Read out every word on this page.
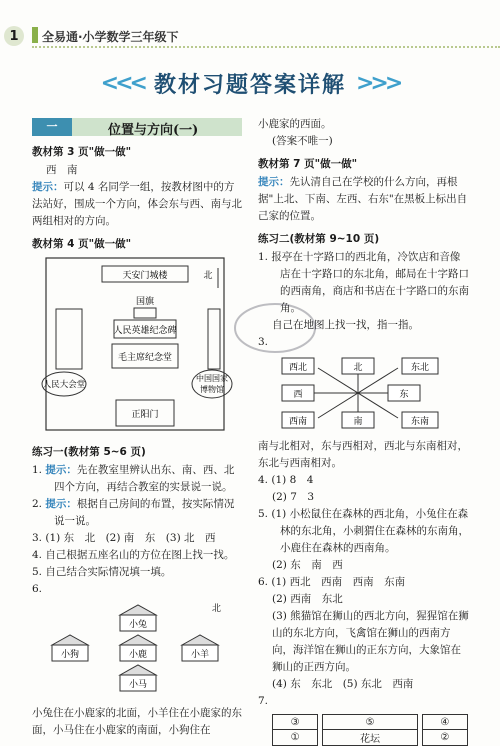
1	全易通·小学数学三年级下
<<< 教材习题答案详解 >>>
一	位置与方向(一)
教材第 3 页"做一做"
西　南
提示：可以 4 名同学一组，按教材图中的方法站好，围成一个方向，体会东与西、南与北两组相对的方向。
教材第 4 页"做一做"
天安门城楼	北
国旗
人民英雄纪念碑
毛主席纪念堂
人民大会堂
中国国家
博物馆
正阳门
练习一(教材第 5~6 页)
1. 提示：先在教室里辨认出东、南、西、北四个方向，再结合教室的实景说一说。
2. 提示：根据自己房间的布置，按实际情况说一说。
3. (1) 东　北　(2) 南　东　(3) 北　西
4. 自己根据五座名山的方位在图上找一找。
5. 自己结合实际情况填一填。
6.
北
小兔
小狗	小鹿	小羊
小马
小兔住在小鹿家的北面，小羊住在小鹿家的东面，小马住在小鹿家的南面，小狗住在
小鹿家的西面。
(答案不唯一)
教材第 7 页"做一做"
提示：先认清自己在学校的什么方向，再根据"上北、下南、左西、右东"在黑板上标出自己家的位置。
练习二(教材第 9~10 页)
1. 报亭在十字路口的西北角，冷饮店和音像店在十字路口的东北角，邮局在十字路口的西南角，商店和书店在十字路口的东南角。
自己在地图上找一找，指一指。
3.
西北	北	东北
西	东
西南	南	东南
南与北相对，东与西相对，西北与东南相对，东北与西南相对。
4. (1) 8　4
(2) 7　3
5. (1) 小松鼠住在森林的西北角，小兔住在森林的东北角，小刺猬住在森林的东南角，小鹿住在森林的西南角。
(2) 东　南　西
6. (1) 西北　西南　西南　东南
(2) 西南　东北
(3) 熊猫馆在狮山的西北方向，猩猩馆在狮山的东北方向，飞禽馆在狮山的西南方向，海洋馆在狮山的正东方向，大象馆在狮山的正西方向。
(4) 东　东北　(5) 东北　西南
7.
③		⑤		④
①		花坛		②
